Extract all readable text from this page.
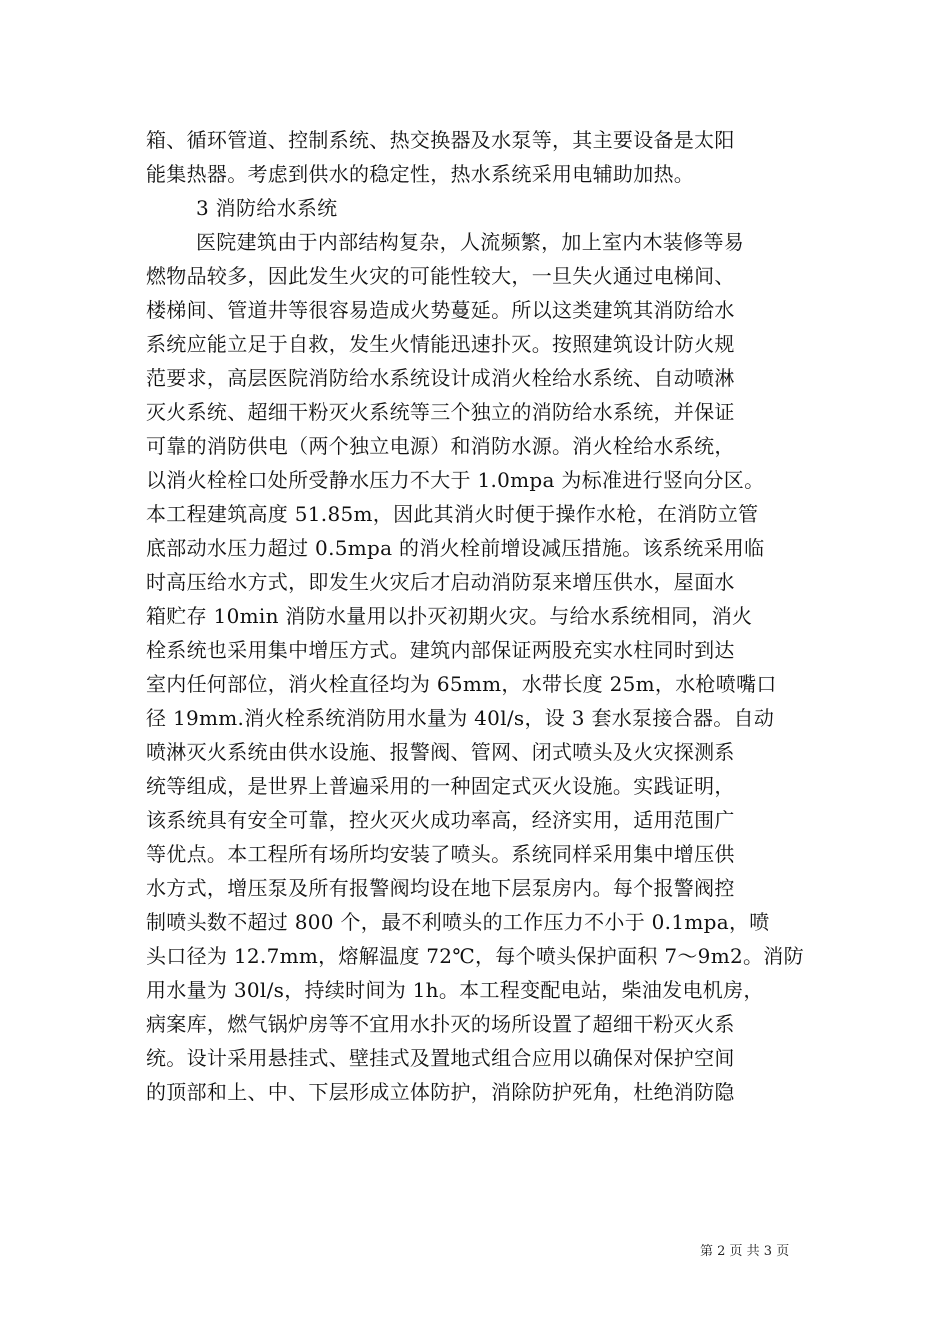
箱、循环管道、控制系统、热交换器及水泵等，其主要设备是太阳
能集热器。考虑到供水的稳定性，热水系统采用电辅助加热。
3 消防给水系统
医院建筑由于内部结构复杂，人流频繁，加上室内木装修等易
燃物品较多，因此发生火灾的可能性较大，一旦失火通过电梯间、
楼梯间、管道井等很容易造成火势蔓延。所以这类建筑其消防给水
系统应能立足于自救，发生火情能迅速扑灭。按照建筑设计防火规
范要求，高层医院消防给水系统设计成消火栓给水系统、自动喷淋
灭火系统、超细干粉灭火系统等三个独立的消防给水系统，并保证
可靠的消防供电（两个独立电源）和消防水源。消火栓给水系统，
以消火栓栓口处所受静水压力不大于 1.0mpa 为标准进行竖向分区。
本工程建筑高度 51.85m，因此其消火时便于操作水枪，在消防立管
底部动水压力超过 0.5mpa 的消火栓前增设减压措施。该系统采用临
时高压给水方式，即发生火灾后才启动消防泵来增压供水，屋面水
箱贮存 10min 消防水量用以扑灭初期火灾。与给水系统相同，消火
栓系统也采用集中增压方式。建筑内部保证两股充实水柱同时到达
室内任何部位，消火栓直径均为 65mm，水带长度 25m，水枪喷嘴口
径 19mm.消火栓系统消防用水量为 40l/s，设 3 套水泵接合器。自动
喷淋灭火系统由供水设施、报警阀、管网、闭式喷头及火灾探测系
统等组成，是世界上普遍采用的一种固定式灭火设施。实践证明，
该系统具有安全可靠，控火灭火成功率高，经济实用，适用范围广
等优点。本工程所有场所均安装了喷头。系统同样采用集中增压供
水方式，增压泵及所有报警阀均设在地下层泵房内。每个报警阀控
制喷头数不超过 800 个，最不利喷头的工作压力不小于 0.1mpa，喷
头口径为 12.7mm，熔解温度 72℃，每个喷头保护面积 7～9m2。消防
用水量为 30l/s，持续时间为 1h。本工程变配电站，柴油发电机房，
病案库，燃气锅炉房等不宜用水扑灭的场所设置了超细干粉灭火系
统。设计采用悬挂式、壁挂式及置地式组合应用以确保对保护空间
的顶部和上、中、下层形成立体防护，消除防护死角，杜绝消防隐
第 2 页 共 3 页
